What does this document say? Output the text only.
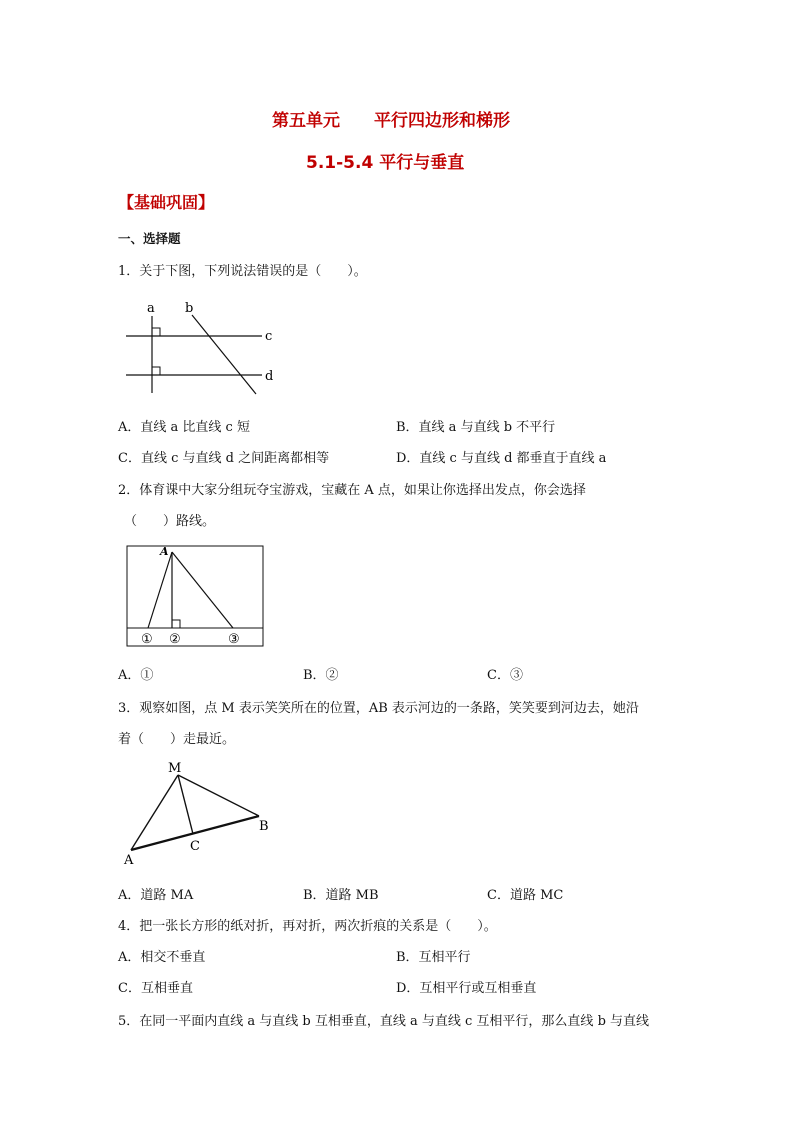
第五单元 平行四边形和梯形
5.1-5.4 平行与垂直
【基础巩固】
一、选择题
1．关于下图，下列说法错误的是（　　）。
a b
c
d
A．直线 a 比直线 c 短	B．直线 a 与直线 b 不平行
C．直线 c 与直线 d 之间距离都相等	D．直线 c 与直线 d 都垂直于直线 a
2．体育课中大家分组玩夺宝游戏，宝藏在 A 点，如果让你选择出发点，你会选择
（　　）路线。
A
① ②	③
A．①	B．②	C．③
3．观察如图，点 M 表示笑笑所在的位置，AB 表示河边的一条路，笑笑要到河边去，她沿
着（　　）走最近。
M
A
B
C
A．道路 MA	B．道路 MB	C．道路 MC
4．把一张长方形的纸对折，再对折，两次折痕的关系是（　　）。
A．相交不垂直	B．互相平行
C．互相垂直	D．互相平行或互相垂直
5．在同一平面内直线 a 与直线 b 互相垂直，直线 a 与直线 c 互相平行，那么直线 b 与直线
